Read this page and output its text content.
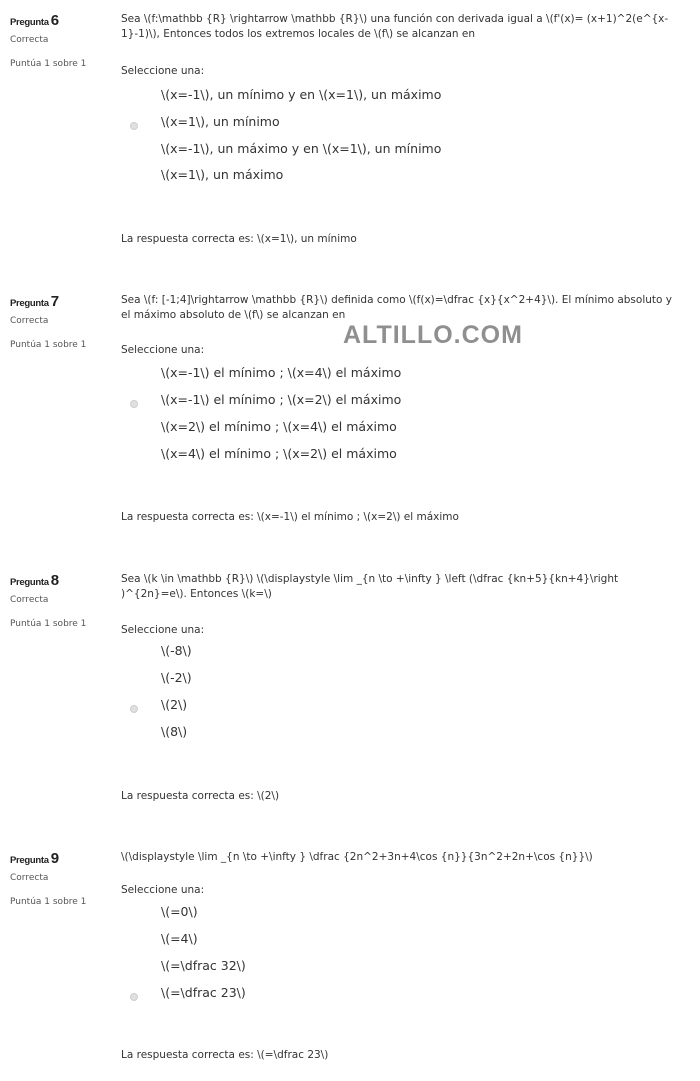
Pregunta 6
Correcta
Puntúa 1 sobre 1
Sea \(f:\mathbb {R} \rightarrow \mathbb {R}\) una función con derivada igual a \(f'(x)= (x+1)^2(e^{x-1}-1)\), Entonces todos los extremos locales de \(f\) se alcanzan en
Seleccione una:
\(x=-1\), un mínimo y en \(x=1\), un máximo
\(x=1\), un mínimo
\(x=-1\), un máximo y en \(x=1\), un mínimo
\(x=1\), un máximo
La respuesta correcta es: \(x=1\), un mínimo
Pregunta 7
Correcta
Puntúa 1 sobre 1
Sea \(f: [-1;4]\rightarrow \mathbb {R}\) definida como \(f(x)=\dfrac {x}{x^2+4}\). El mínimo absoluto y el máximo absoluto de \(f\) se alcanzan en
Seleccione una:
\(x=-1\) el mínimo ; \(x=4\) el máximo
\(x=-1\) el mínimo ; \(x=2\) el máximo
\(x=2\) el mínimo ; \(x=4\) el máximo
\(x=4\) el mínimo ; \(x=2\) el máximo
La respuesta correcta es: \(x=-1\) el mínimo ; \(x=2\) el máximo
Pregunta 8
Correcta
Puntúa 1 sobre 1
Sea \(k \in \mathbb {R}\) \(\displaystyle \lim _{n \to +\infty } \left (\dfrac {kn+5}{kn+4}\right )^{2n}=e\). Entonces \(k=\)
Seleccione una:
\(-8\)
\(-2\)
\(2\)
\(8\)
La respuesta correcta es: \(2\)
Pregunta 9
Correcta
Puntúa 1 sobre 1
\(\displaystyle \lim _{n \to +\infty } \dfrac {2n^2+3n+4\cos {n}}{3n^2+2n+\cos {n}}\)
Seleccione una:
\(=0\)
\(=4\)
\(=\dfrac 32\)
\(=\dfrac 23\)
La respuesta correcta es: \(=\dfrac 23\)
ALTILLO.COM
